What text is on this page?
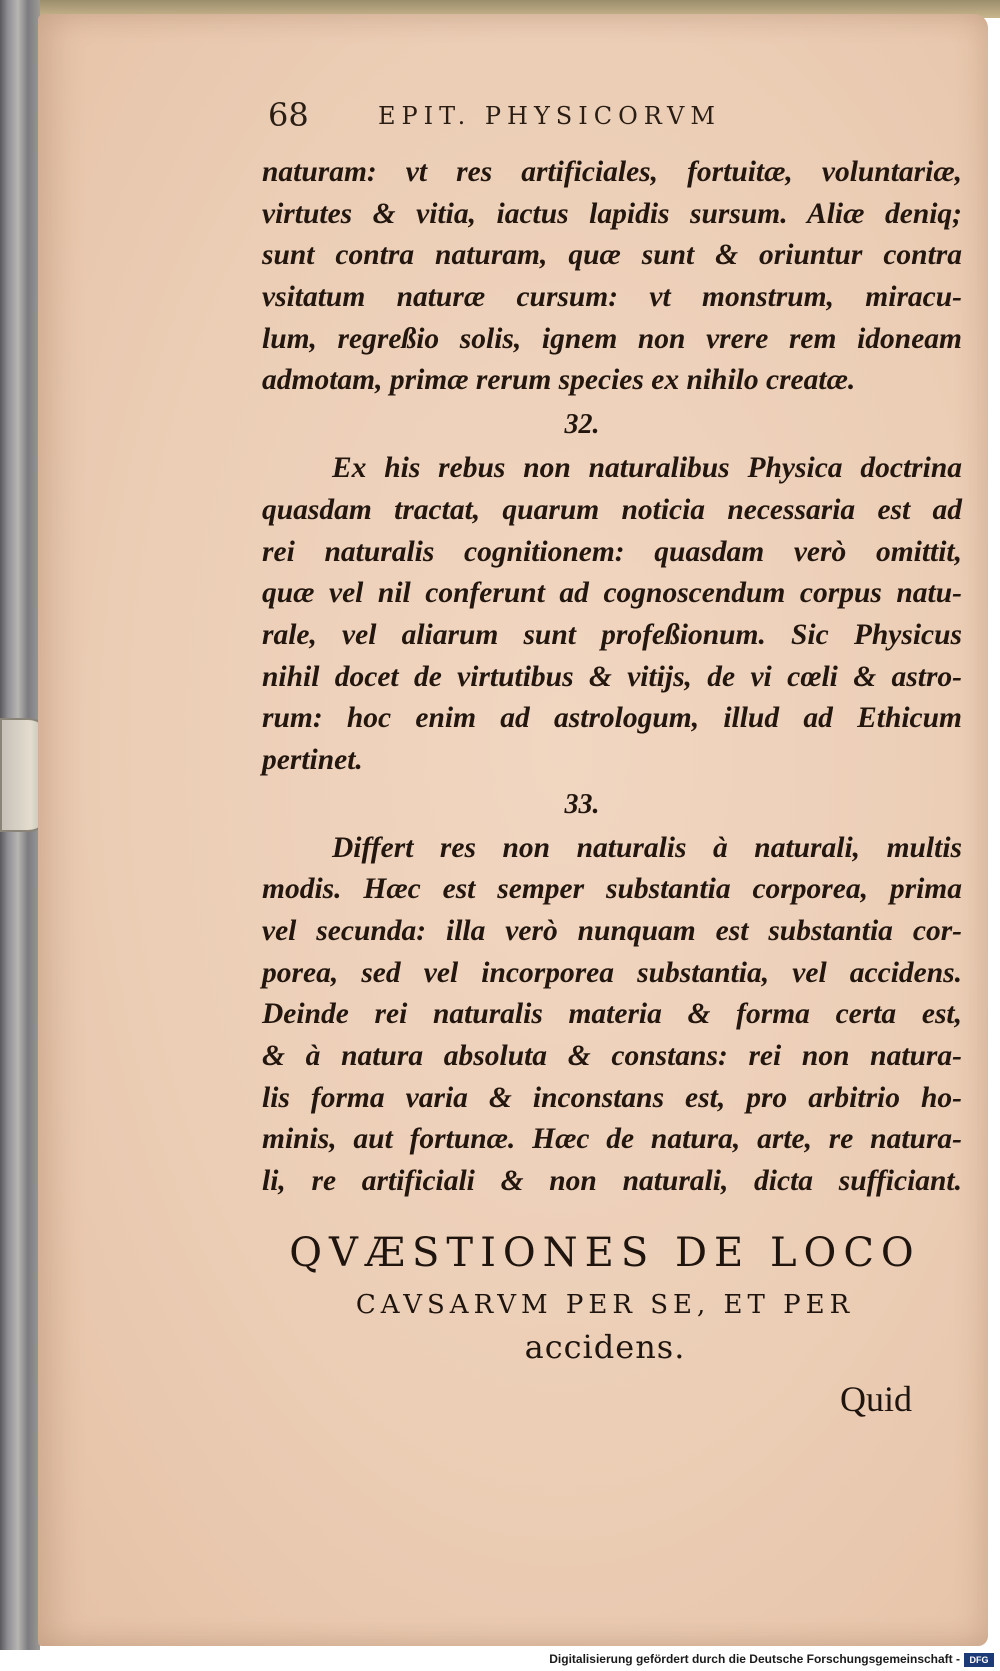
68	EPIT. PHYSICORVM
naturam: vt res artificiales, fortuitæ, voluntariæ,
virtutes & vitia, iactus lapidis sursum. Aliæ deniq;
sunt contra naturam, quæ sunt & oriuntur contra
vsitatum naturæ cursum: vt monstrum, miracu-
lum, regreßio solis, ignem non vrere rem idoneam
admotam, primæ rerum species ex nihilo creatæ.
32.
Ex his rebus non naturalibus Physica doctrina
quasdam tractat, quarum noticia necessaria est ad
rei naturalis cognitionem: quasdam verò omittit,
quæ vel nil conferunt ad cognoscendum corpus natu-
rale, vel aliarum sunt profeßionum. Sic Physicus
nihil docet de virtutibus & vitijs, de vi cœli & astro-
rum: hoc enim ad astrologum, illud ad Ethicum
pertinet.
33.
Differt res non naturalis à naturali, multis
modis. Hæc est semper substantia corporea, prima
vel secunda: illa verò nunquam est substantia cor-
porea, sed vel incorporea substantia, vel accidens.
Deinde rei naturalis materia & forma certa est,
& à natura absoluta & constans: rei non natura-
lis forma varia & inconstans est, pro arbitrio ho-
minis, aut fortunæ. Hæc de natura, arte, re natura-
li, re artificiali & non naturali, dicta sufficiant.
QVÆSTIONES DE LOCO
CAVSARVM PER SE, ET PER
accidens.
Quid
Digitalisierung gefördert durch die Deutsche Forschungsgemeinschaft -	DFG
